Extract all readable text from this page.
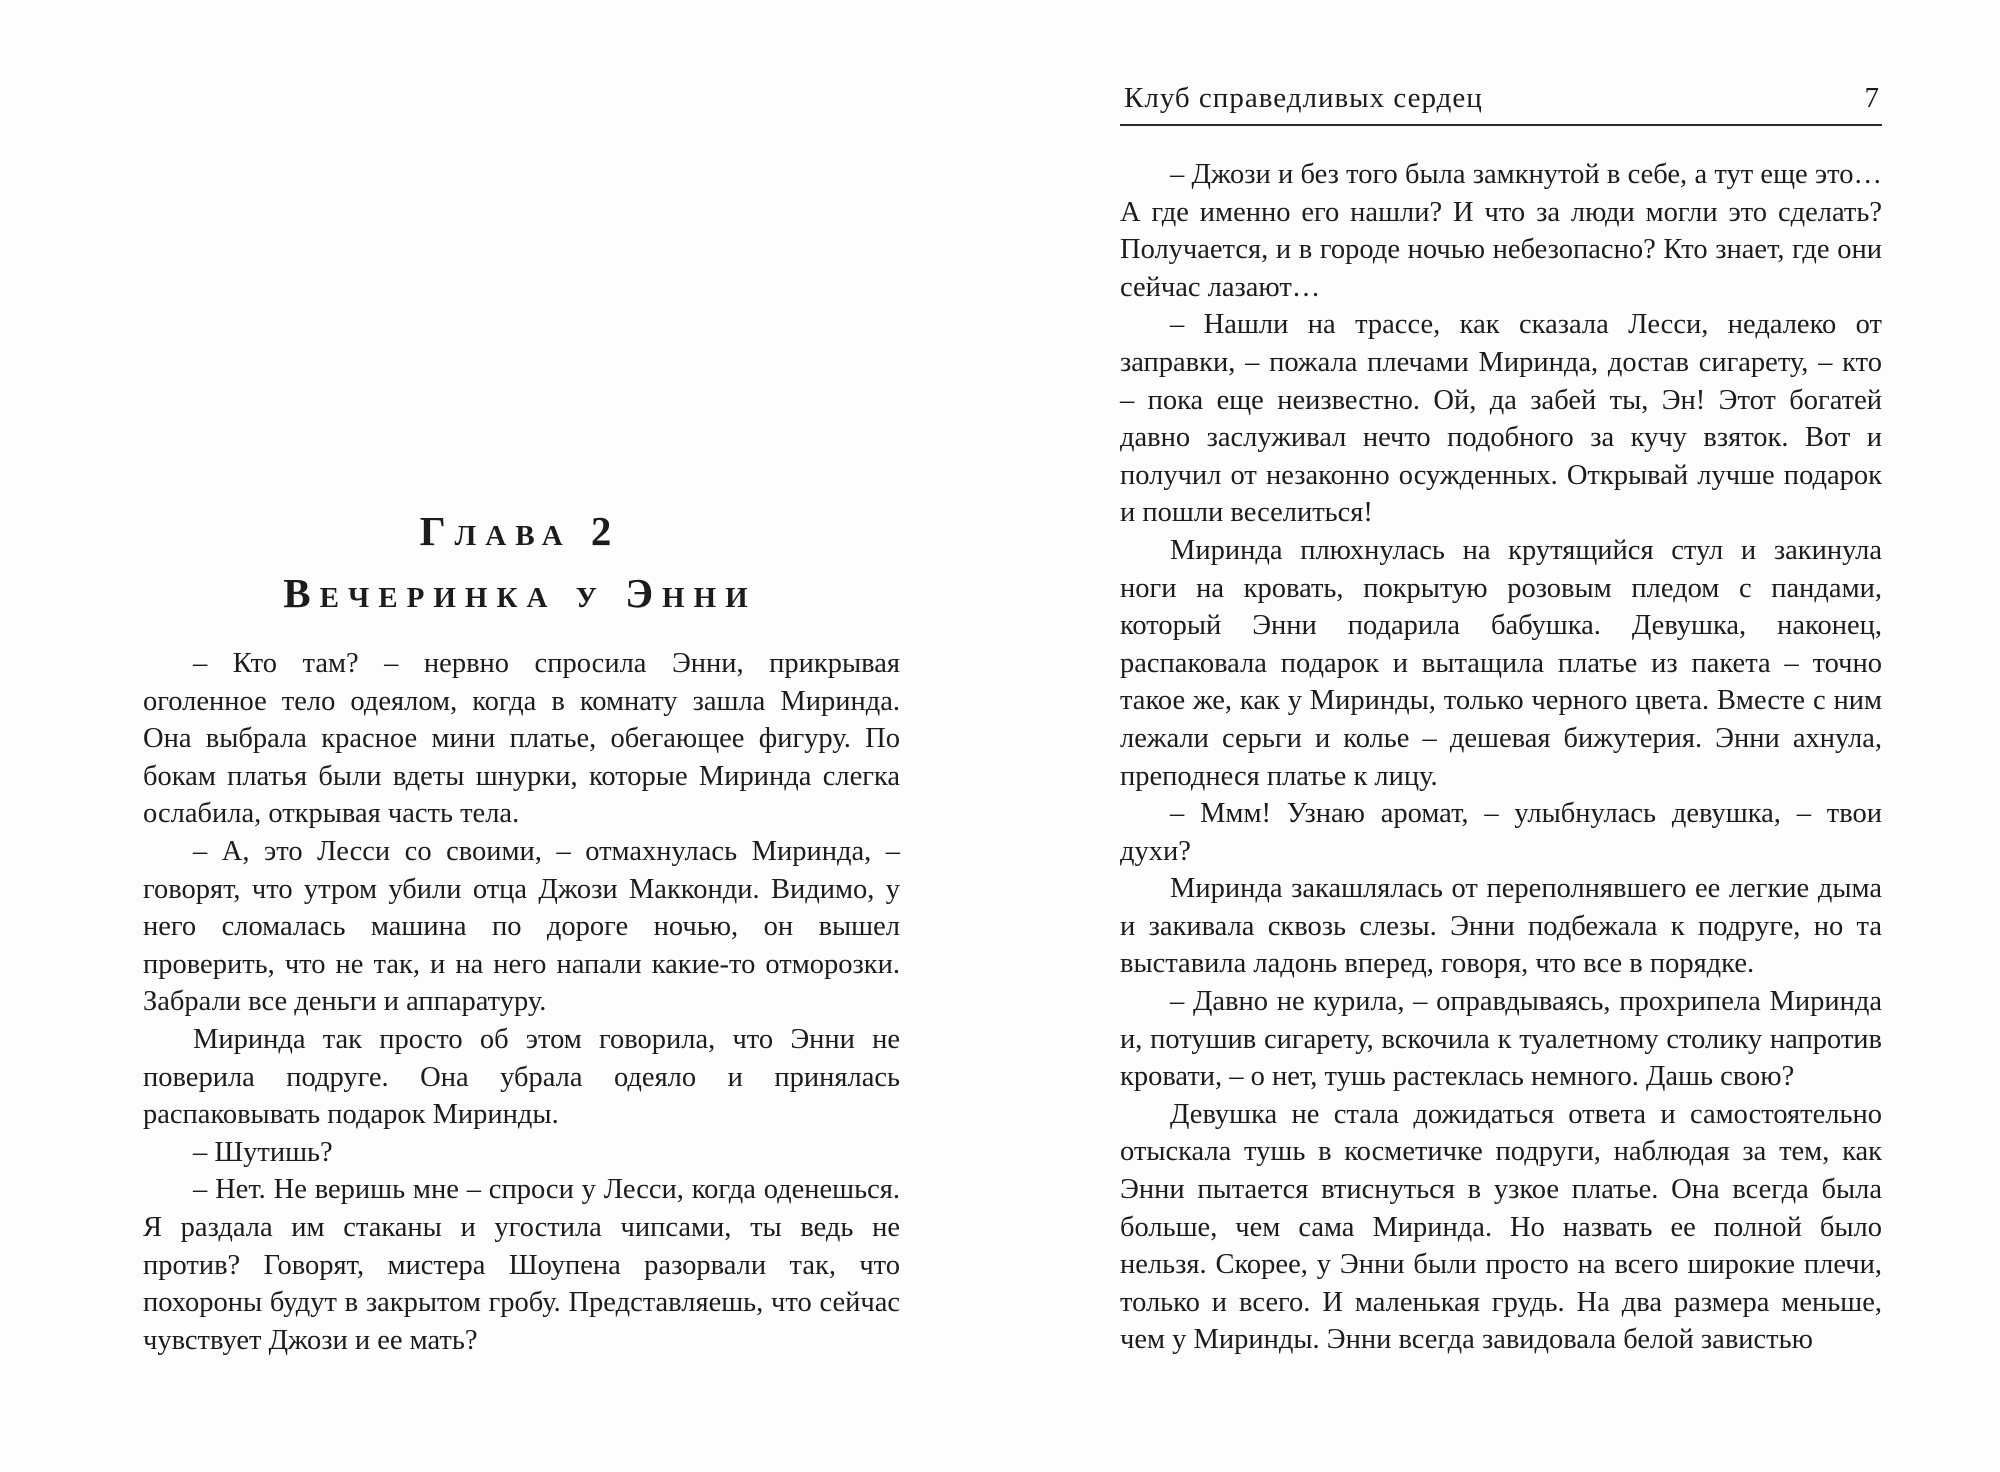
Глава 2
Вечеринка у Энни

– Кто там? – нервно спросила Энни, прикрывая оголенное тело одеялом, когда в комнату зашла Миринда. Она выбрала красное мини платье, обегающее фигуру. По бокам платья были вдеты шнурки, которые Миринда слегка ослабила, открывая часть тела.

– А, это Лесси со своими, – отмахнулась Миринда, – говорят, что утром убили отца Джози Макконди. Видимо, у него сломалась машина по дороге ночью, он вышел проверить, что не так, и на него напали какие-то отморозки. Забрали все деньги и аппаратуру.

Миринда так просто об этом говорила, что Энни не поверила подруге. Она убрала одеяло и принялась распаковывать подарок Миринды.

– Шутишь?

– Нет. Не веришь мне – спроси у Лесси, когда оденешься. Я раздала им стаканы и угостила чипсами, ты ведь не против? Говорят, мистера Шоупена разорвали так, что похороны будут в закрытом гробу. Представляешь, что сейчас чувствует Джози и ее мать?

Клуб справедливых сердец	7

– Джози и без того была замкнутой в себе, а тут еще это… А где именно его нашли? И что за люди могли это сделать? Получается, и в городе ночью небезопасно? Кто знает, где они сейчас лазают…

– Нашли на трассе, как сказала Лесси, недалеко от заправки, – пожала плечами Миринда, достав сигарету, – кто – пока еще неизвестно. Ой, да забей ты, Эн! Этот богатей давно заслуживал нечто подобного за кучу взяток. Вот и получил от незаконно осужденных. Открывай лучше подарок и пошли веселиться!

Миринда плюхнулась на крутящийся стул и закинула ноги на кровать, покрытую розовым пледом с пандами, который Энни подарила бабушка. Девушка, наконец, распаковала подарок и вытащила платье из пакета – точно такое же, как у Миринды, только черного цвета. Вместе с ним лежали серьги и колье – дешевая бижутерия. Энни ахнула, преподнеся платье к лицу.

– Ммм! Узнаю аромат, – улыбнулась девушка, – твои духи?

Миринда закашлялась от переполнявшего ее легкие дыма и закивала сквозь слезы. Энни подбежала к подруге, но та выставила ладонь вперед, говоря, что все в порядке.

– Давно не курила, – оправдываясь, прохрипела Миринда и, потушив сигарету, вскочила к туалетному столику напротив кровати, – о нет, тушь растеклась немного. Дашь свою?

Девушка не стала дожидаться ответа и самостоятельно отыскала тушь в косметичке подруги, наблюдая за тем, как Энни пытается втиснуться в узкое платье. Она всегда была больше, чем сама Миринда. Но назвать ее полной было нельзя. Скорее, у Энни были просто на всего широкие плечи, только и всего. И маленькая грудь. На два размера меньше, чем у Миринды. Энни всегда завидовала белой завистью
